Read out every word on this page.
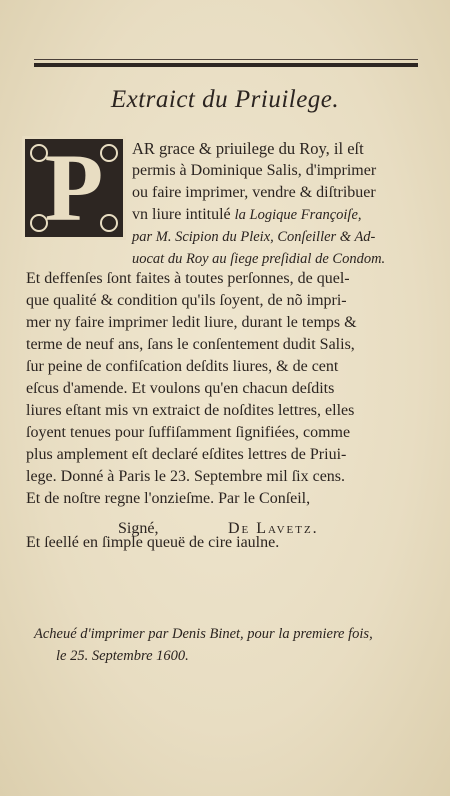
Extraict du Priuilege.
P	AR grace & priuilege du Roy, il eſt
permis à Dominique Salis, d'imprimer
ou faire imprimer, vendre & diſtribuer
vn liure intitulé la Logique Françoiſe,
par M. Scipion du Pleix, Conſeiller & Ad-
uocat du Roy au ſiege preſidial de Condom.
Et deffenſes ſont faites à toutes perſonnes, de quel-
que qualité & condition qu'ils ſoyent, de nõ impri-
mer ny faire imprimer ledit liure, durant le temps &
terme de neuf ans, ſans le conſentement dudit Salis,
ſur peine de confiſcation deſdits liures, & de cent
eſcus d'amende. Et voulons qu'en chacun deſdits
liures eſtant mis vn extraict de noſdites lettres, elles
ſoyent tenues pour ſuffiſamment ſignifiées, comme
plus amplement eſt declaré eſdites lettres de Priui-
lege. Donné à Paris le 23. Septembre mil ſix cens.
Et de noſtre regne l'onzieſme. Par le Conſeil,
Signé,	De Lavetz.
Et ſeellé en ſimple queuë de cire iaulne.
Acheué d'imprimer par Denis Binet, pour la premiere fois,
le 25. Septembre 1600.
